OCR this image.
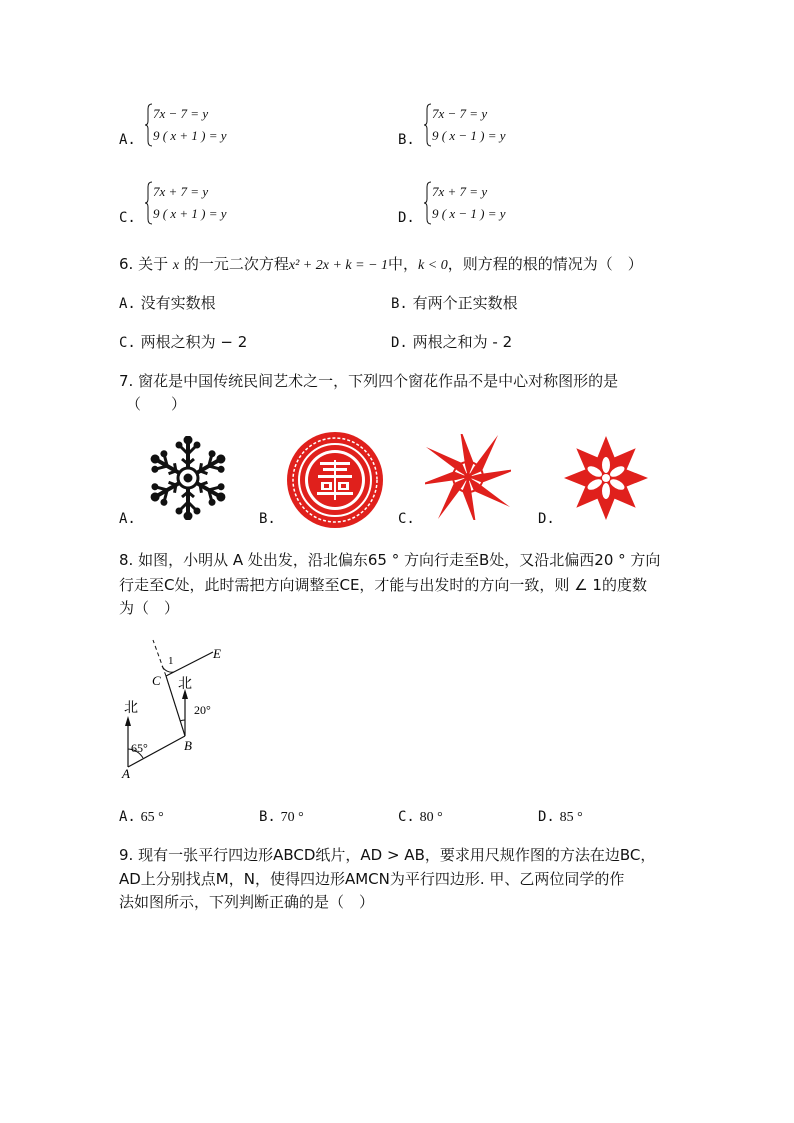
A.
7x − 7 = y
9 ( x + 1 ) = y	B.
7x − 7 = y
9 ( x − 1 ) = y
C.
7x + 7 = y
9 ( x + 1 ) = y	D.
7x + 7 = y
9 ( x − 1 ) = y
6. 关于 x 的一元二次方程x² + 2x + k = − 1中，k < 0，则方程的根的情况为（　）
A. 没有实数根	B. 有两个正实数根
C. 两根之积为 − 2	D. 两根之和为 - 2
7. 窗花是中国传统民间艺术之一，下列四个窗花作品不是中心对称图形的是
（　　）
A.	B.	C.	D.
8. 如图，小明从 A 处出发，沿北偏东65 ° 方向行走至B处，又沿北偏西20 ° 方向
行走至C处，此时需把方向调整至CE，才能与出发时的方向一致，则 ∠ 1的度数
为（　）
北
北
65°
20°
A
B
C
E
1
A. 65 °	B. 70 °	C. 80 °	D. 85 °
9. 现有一张平行四边形ABCD纸片，AD > AB，要求用尺规作图的方法在边BC，
AD上分别找点M，N，使得四边形AMCN为平行四边形. 甲、乙两位同学的作
法如图所示，下列判断正确的是（　）
